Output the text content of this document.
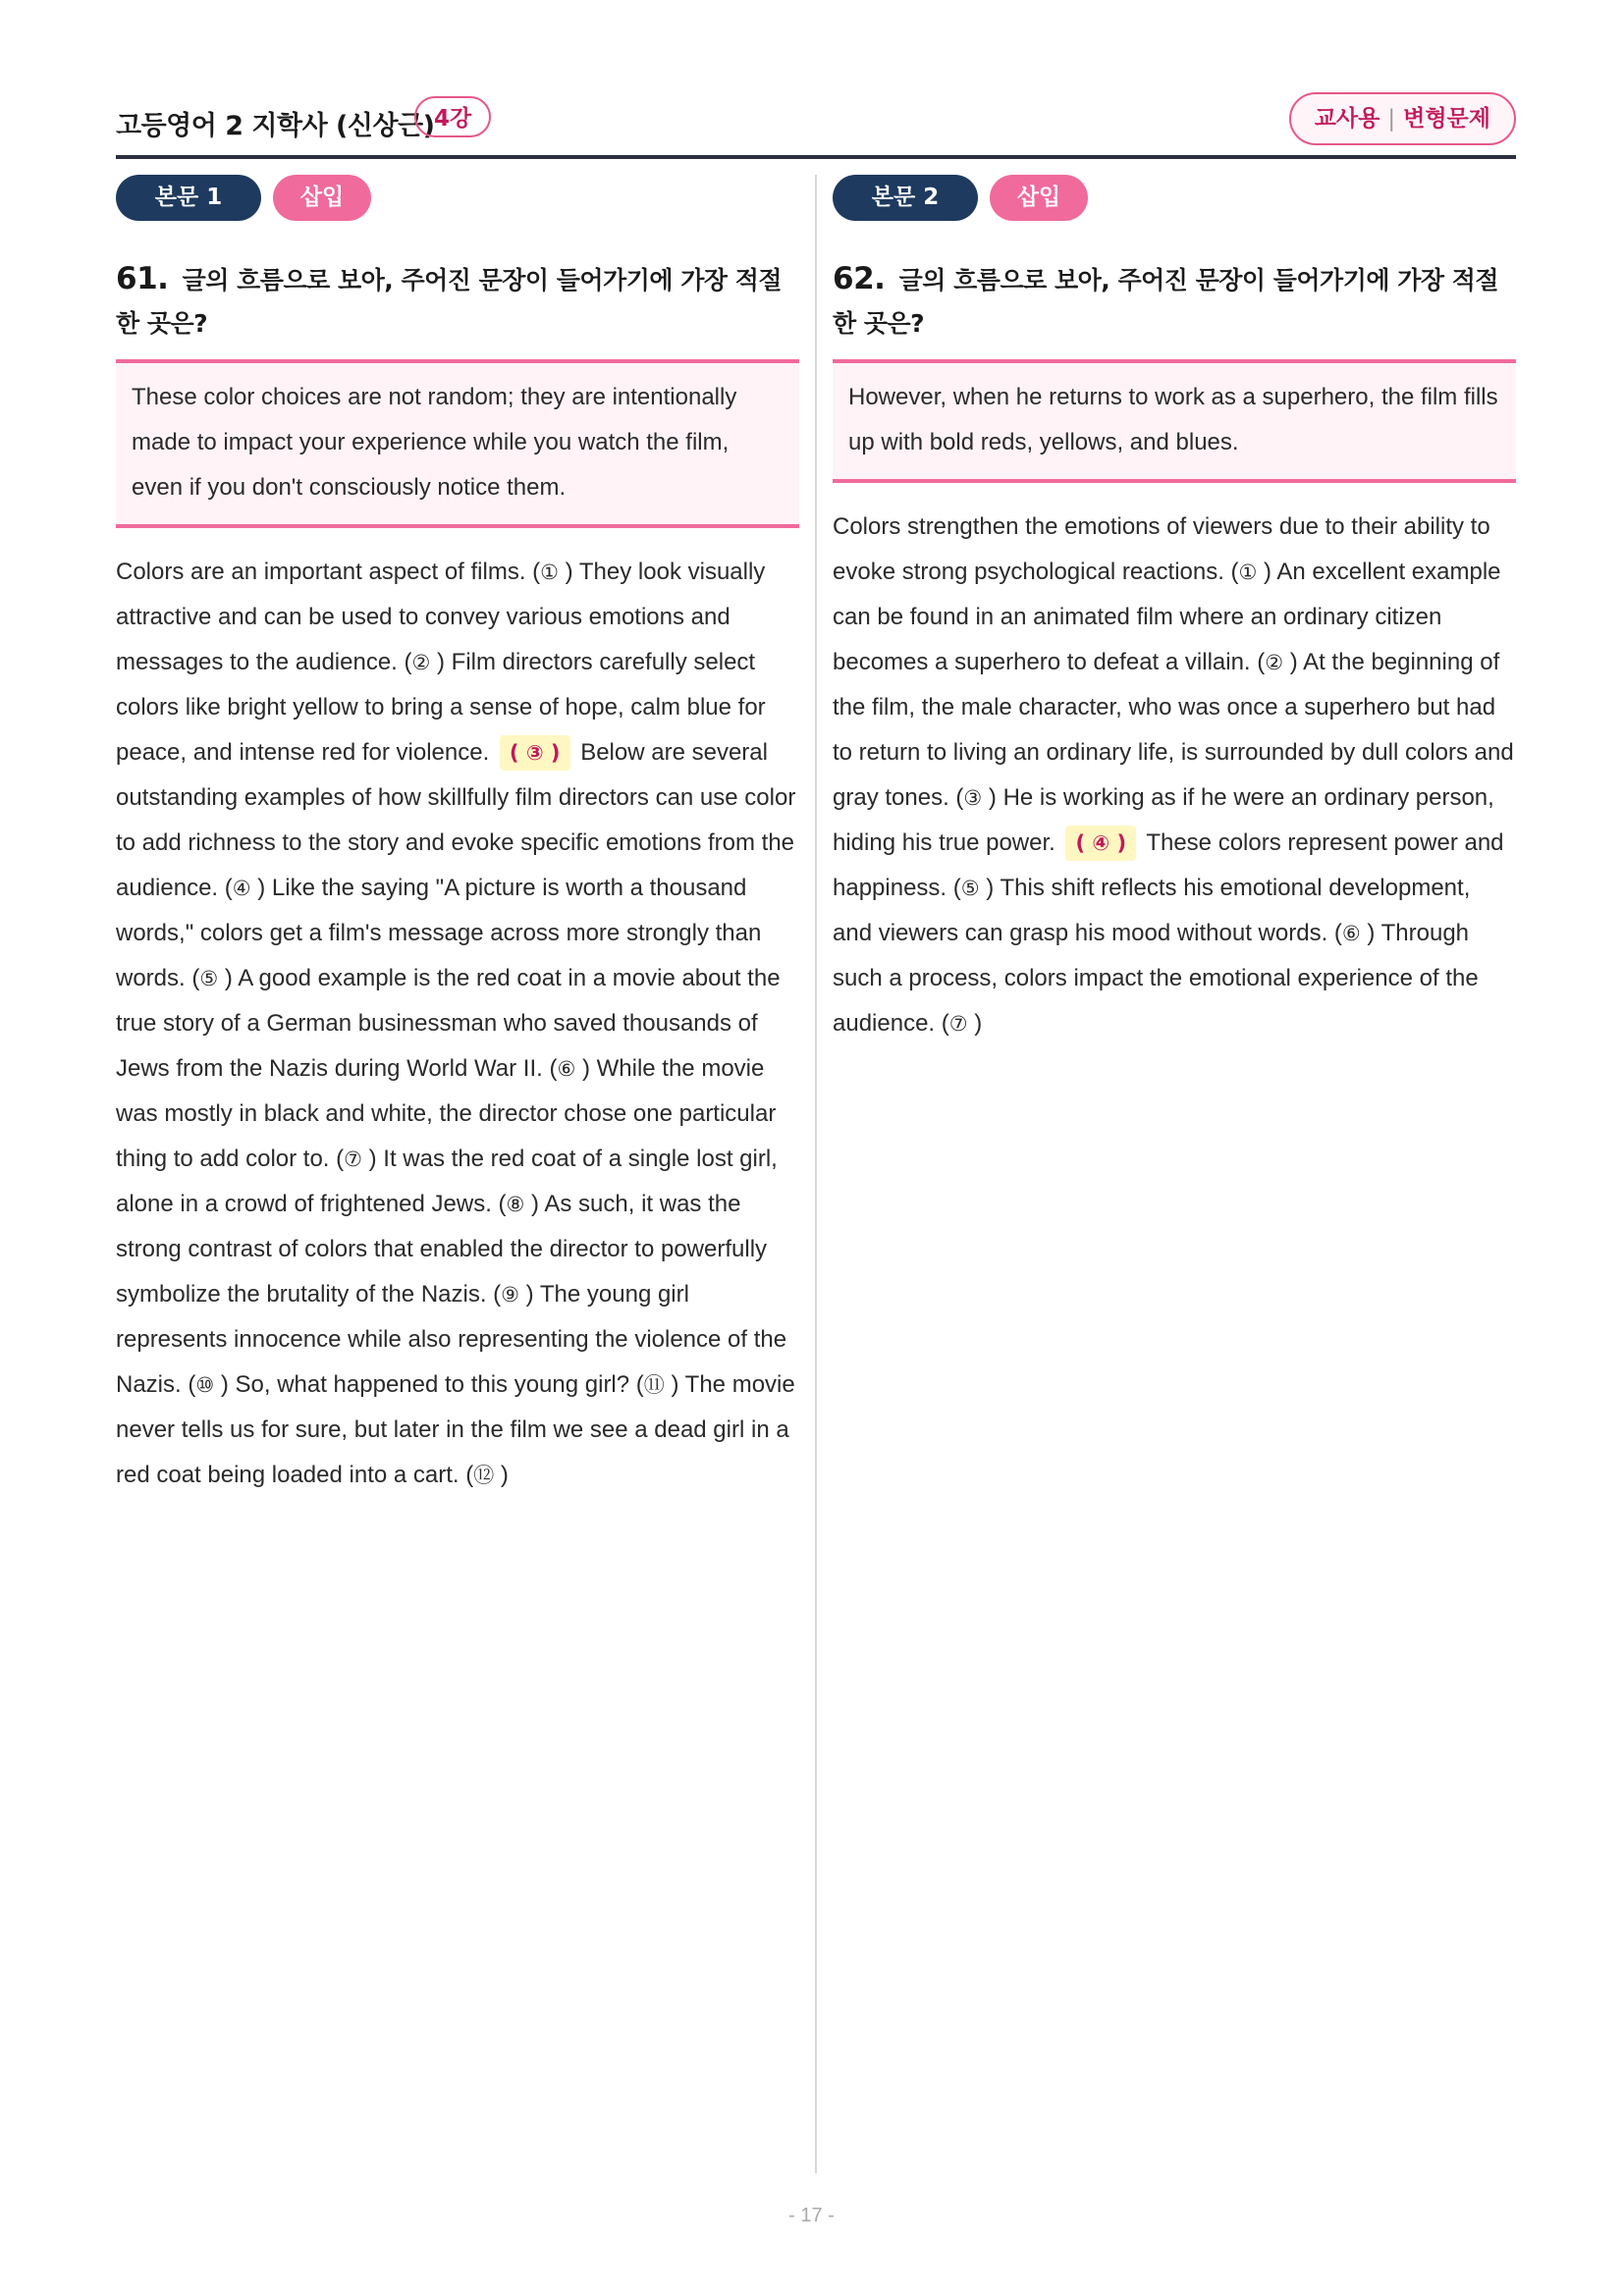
고등영어 2 지학사 (신상근) 4강	교사용 | 변형문제
본문 1	삽입
61. 글의 흐름으로 보아, 주어진 문장이 들어가기에 가장 적절한 곳은?
These color choices are not random; they are intentionally made to impact your experience while you watch the film, even if you don't consciously notice them.
Colors are an important aspect of films. (① ) They look visually attractive and can be used to convey various emotions and messages to the audience. (② ) Film directors carefully select colors like bright yellow to bring a sense of hope, calm blue for peace, and intense red for violence. ( ③ ) Below are several outstanding examples of how skillfully film directors can use color to add richness to the story and evoke specific emotions from the audience. (④ ) Like the saying "A picture is worth a thousand words," colors get a film's message across more strongly than words. (⑤ ) A good example is the red coat in a movie about the true story of a German businessman who saved thousands of Jews from the Nazis during World War II. (⑥ ) While the movie was mostly in black and white, the director chose one particular thing to add color to. (⑦ ) It was the red coat of a single lost girl, alone in a crowd of frightened Jews. (⑧ ) As such, it was the strong contrast of colors that enabled the director to powerfully symbolize the brutality of the Nazis. (⑨ ) The young girl represents innocence while also representing the violence of the Nazis. (⑩ ) So, what happened to this young girl? (⑪ ) The movie never tells us for sure, but later in the film we see a dead girl in a red coat being loaded into a cart. (⑫ )
본문 2	삽입
62. 글의 흐름으로 보아, 주어진 문장이 들어가기에 가장 적절한 곳은?
However, when he returns to work as a superhero, the film fills up with bold reds, yellows, and blues.
Colors strengthen the emotions of viewers due to their ability to evoke strong psychological reactions. (① ) An excellent example can be found in an animated film where an ordinary citizen becomes a superhero to defeat a villain. (② ) At the beginning of the film, the male character, who was once a superhero but had to return to living an ordinary life, is surrounded by dull colors and gray tones. (③ ) He is working as if he were an ordinary person, hiding his true power. ( ④ ) These colors represent power and happiness. (⑤ ) This shift reflects his emotional development, and viewers can grasp his mood without words. (⑥ ) Through such a process, colors impact the emotional experience of the audience. (⑦ )
- 17 -
